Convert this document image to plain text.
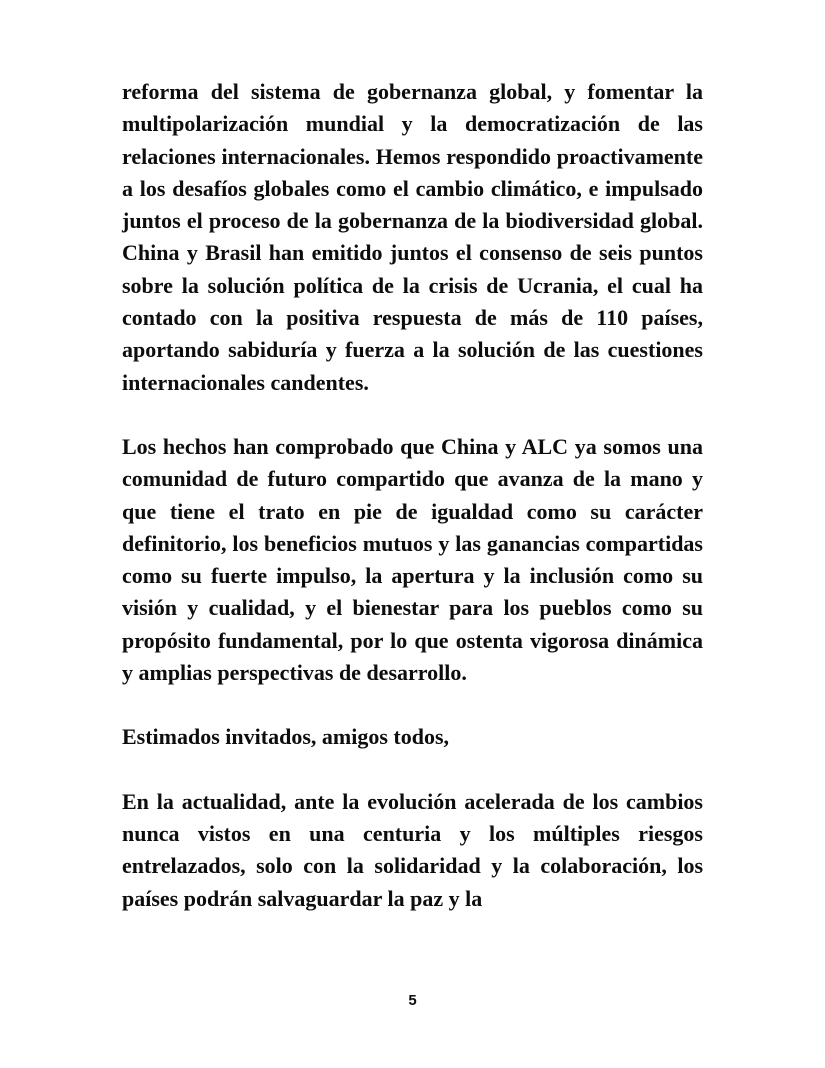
reforma del sistema de gobernanza global, y fomentar la multipolarización mundial y la democratización de las relaciones internacionales. Hemos respondido proactivamente a los desafíos globales como el cambio climático, e impulsado juntos el proceso de la gobernanza de la biodiversidad global. China y Brasil han emitido juntos el consenso de seis puntos sobre la solución política de la crisis de Ucrania, el cual ha contado con la positiva respuesta de más de 110 países, aportando sabiduría y fuerza a la solución de las cuestiones internacionales candentes.

Los hechos han comprobado que China y ALC ya somos una comunidad de futuro compartido que avanza de la mano y que tiene el trato en pie de igualdad como su carácter definitorio, los beneficios mutuos y las ganancias compartidas como su fuerte impulso, la apertura y la inclusión como su visión y cualidad, y el bienestar para los pueblos como su propósito fundamental, por lo que ostenta vigorosa dinámica y amplias perspectivas de desarrollo.

Estimados invitados, amigos todos,

En la actualidad, ante la evolución acelerada de los cambios nunca vistos en una centuria y los múltiples riesgos entrelazados, solo con la solidaridad y la colaboración, los países podrán salvaguardar la paz y la

5
